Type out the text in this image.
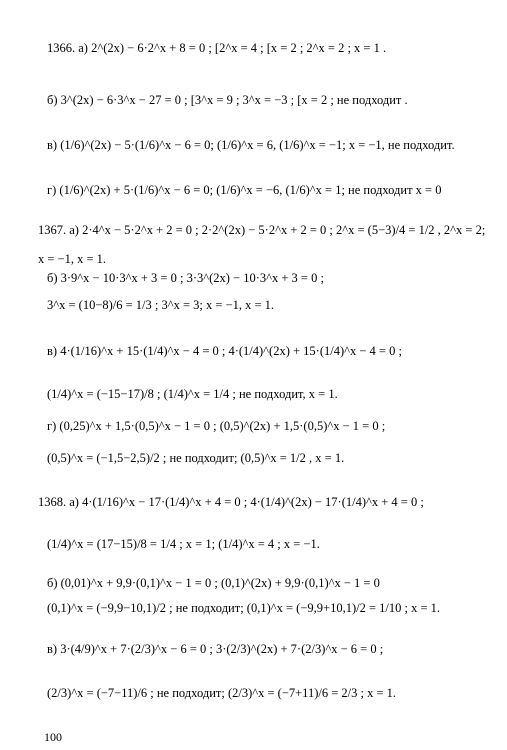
1366. а) 2^(2x) − 6·2^x + 8 = 0 ; [2^x = 4 ; [x = 2 ; 2^x = 2 ; x = 1 .
б) 3^(2x) − 6·3^x − 27 = 0 ; [3^x = 9 ; 3^x = −3 ; [x = 2 ; не подходит .
в) (1/6)^(2x) − 5·(1/6)^x − 6 = 0; (1/6)^x = 6, (1/6)^x = −1; x = −1, не подходит.
г) (1/6)^(2x) + 5·(1/6)^x − 6 = 0; (1/6)^x = −6, (1/6)^x = 1; не подходит x = 0
1367. а) 2·4^x − 5·2^x + 2 = 0 ; 2·2^(2x) − 5·2^x + 2 = 0 ; 2^x = (5−3)/4 = 1/2 , 2^x = 2;
x = −1, x = 1.
б) 3·9^x − 10·3^x + 3 = 0 ; 3·3^(2x) − 10·3^x + 3 = 0 ;
3^x = (10−8)/6 = 1/3 ; 3^x = 3; x = −1, x = 1.
в) 4·(1/16)^x + 15·(1/4)^x − 4 = 0 ; 4·(1/4)^(2x) + 15·(1/4)^x − 4 = 0 ;
(1/4)^x = (−15−17)/8 ; (1/4)^x = 1/4 ; не подходит, x = 1.
г) (0,25)^x + 1,5·(0,5)^x − 1 = 0 ; (0,5)^(2x) + 1,5·(0,5)^x − 1 = 0 ;
(0,5)^x = (−1,5−2,5)/2 ; не подходит; (0,5)^x = 1/2 , x = 1.
1368. а) 4·(1/16)^x − 17·(1/4)^x + 4 = 0 ; 4·(1/4)^(2x) − 17·(1/4)^x + 4 = 0 ;
(1/4)^x = (17−15)/8 = 1/4 ; x = 1; (1/4)^x = 4 ; x = −1.
б) (0,01)^x + 9,9·(0,1)^x − 1 = 0 ; (0,1)^(2x) + 9,9·(0,1)^x − 1 = 0
(0,1)^x = (−9,9−10,1)/2 ; не подходит; (0,1)^x = (−9,9+10,1)/2 = 1/10 ; x = 1.
в) 3·(4/9)^x + 7·(2/3)^x − 6 = 0 ; 3·(2/3)^(2x) + 7·(2/3)^x − 6 = 0 ;
(2/3)^x = (−7−11)/6 ; не подходит; (2/3)^x = (−7+11)/6 = 2/3 ; x = 1.
100
